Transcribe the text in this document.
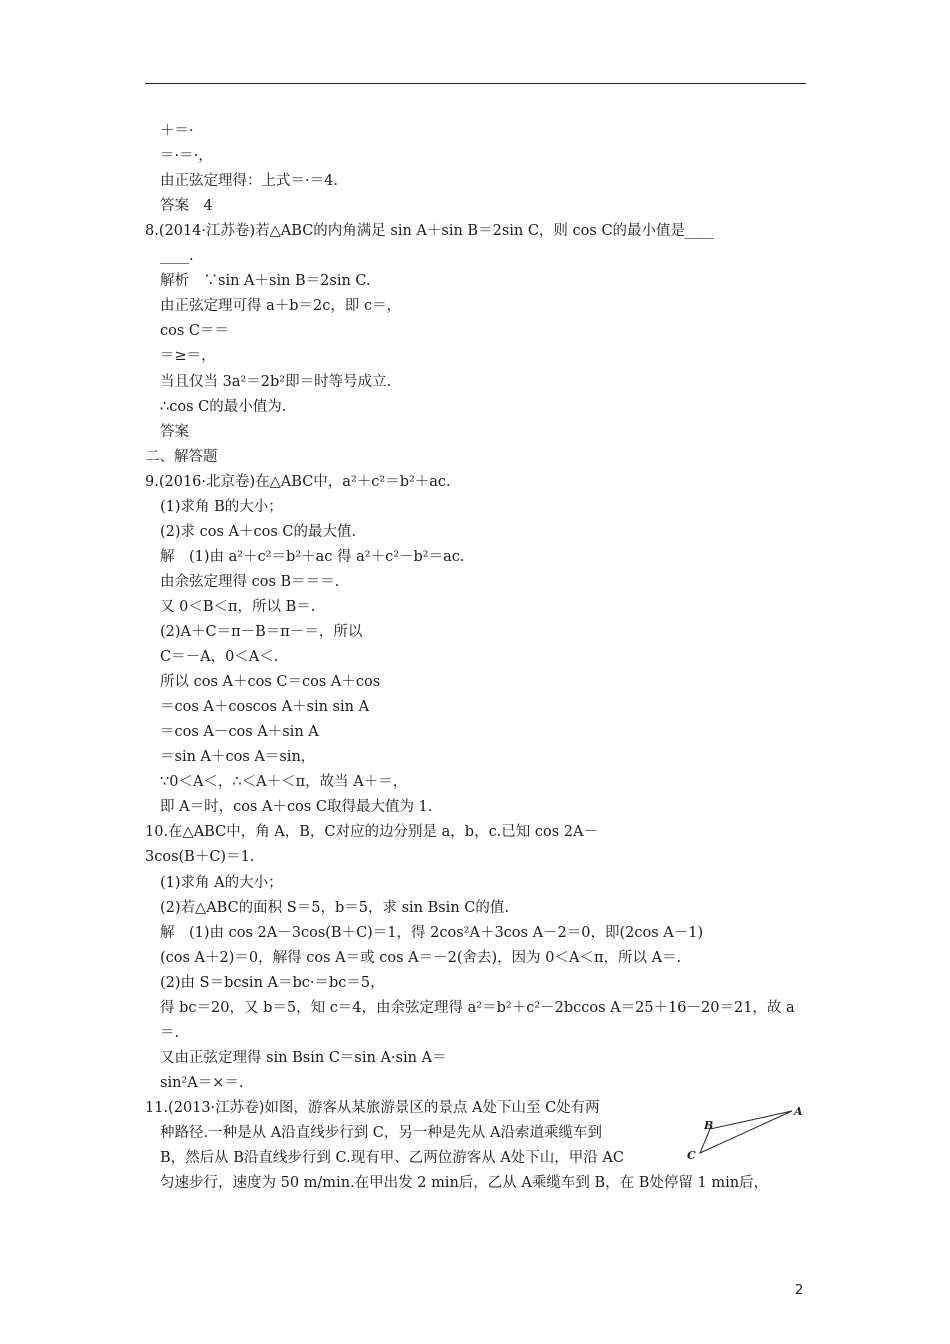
＋＝·
＝·＝·，
由正弦定理得：上式＝·＝4.
答案　4
8.(2014·江苏卷)若△ABC的内角满足 sin A＋sin B＝2sin C，则 cos C的最小值是____
____.
解析　∵sin A＋sin B＝2sin C.
由正弦定理可得 a＋b＝2c，即 c＝，
cos C＝＝
＝≥＝，
当且仅当 3a²＝2b²即＝时等号成立.
∴cos C的最小值为.
答案
二、解答题
9.(2016·北京卷)在△ABC中，a²＋c²＝b²＋ac.
(1)求角 B的大小；
(2)求 cos A＋cos C的最大值.
解　(1)由 a²＋c²＝b²＋ac 得 a²＋c²－b²＝ac.
由余弦定理得 cos B＝＝＝.
又 0＜B＜π，所以 B＝.
(2)A＋C＝π－B＝π－＝，所以
C＝－A，0＜A＜.
所以 cos A＋cos C＝cos A＋cos
＝cos A＋coscos A＋sin sin A
＝cos A－cos A＋sin A
＝sin A＋cos A＝sin，
∵0＜A＜，∴＜A＋＜π，故当 A＋＝，
即 A＝时，cos A＋cos C取得最大值为 1.
10.在△ABC中，角 A，B，C对应的边分别是 a，b，c.已知 cos 2A－
3cos(B＋C)＝1.
(1)求角 A的大小；
(2)若△ABC的面积 S＝5，b＝5，求 sin Bsin C的值.
解　(1)由 cos 2A－3cos(B＋C)＝1，得 2cos²A＋3cos A－2＝0，即(2cos A－1)
(cos A＋2)＝0，解得 cos A＝或 cos A＝－2(舍去)，因为 0＜A＜π，所以 A＝.
(2)由 S＝bcsin A＝bc·＝bc＝5，
得 bc＝20，又 b＝5，知 c＝4，由余弦定理得 a²＝b²＋c²－2bccos A＝25＋16－20＝21，故 a
＝.
又由正弦定理得 sin Bsin C＝sin A·sin A＝
sin²A＝×＝.
11.(2013·江苏卷)如图，游客从某旅游景区的景点 A处下山至 C处有两
种路径.一种是从 A沿直线步行到 C，另一种是先从 A沿索道乘缆车到
B，然后从 B沿直线步行到 C.现有甲、乙两位游客从 A处下山，甲沿 AC
匀速步行，速度为 50 m/min.在甲出发 2 min后，乙从 A乘缆车到 B，在 B处停留 1 min后，
A
B
C
2
